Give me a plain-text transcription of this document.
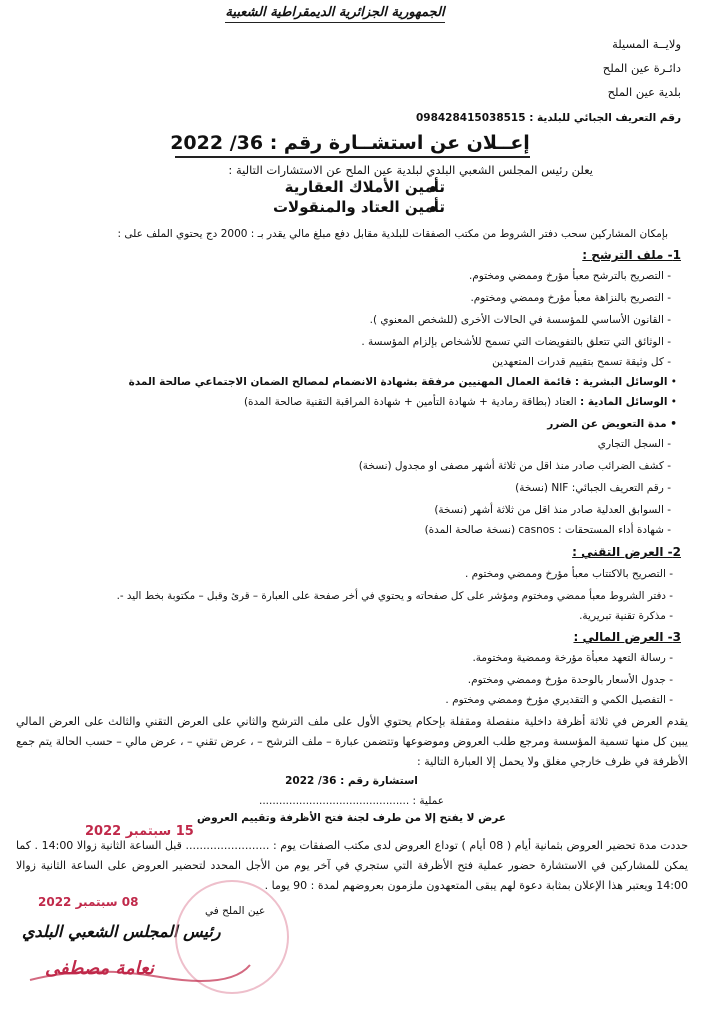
الجمهورية الجزائرية الديمقراطية الشعبية
ولايــة المسيلة
دائـرة عين الملح
بلدية عين الملح
رقم التعريف الجبائي للبلدية : 098428415038515
إعــلان عن استشــارة رقم : 36/ 2022
يعلن رئيس المجلس الشعبي البلدي لبلدية عين الملح عن الاستشارات التالية :
تأمين الأملاك العقارية
تأمين العتاد والمنقولات
بإمكان المشاركين سحب دفتر الشروط من مكتب الصفقات للبلدية مقابل دفع مبلغ مالي يقدر بـ : 2000 دج يحتوي الملف على :
1- ملف الترشح :
- التصريح بالترشح معبأ مؤرخ وممضي ومختوم.
- التصريح بالنزاهة معبأ مؤرخ وممضي ومختوم.
- القانون الأساسي للمؤسسة في الحالات الأخرى (للشخص المعنوي ).
- الوثائق التي تتعلق بالتفويضات التي تسمح للأشخاص بإلزام المؤسسة .
- كل وثيقة تسمح بتقييم قدرات المتعهدين
• الوسائل البشرية : قائمة العمال المهنيين مرفقة بشهادة الانضمام لمصالح الضمان الاجتماعي صالحة المدة
• الوسائل المادية : العتاد (بطاقة رمادية + شهادة التأمين + شهادة المراقبة التقنية صالحة المدة)
• مدة التعويض عن الضرر
- السجل التجاري
- كشف الضرائب صادر منذ اقل من ثلاثة أشهر مصفى او مجدول (نسخة)
- رقم التعريف الجبائي: NIF (نسخة)
- السوابق العدلية صادر منذ اقل من ثلاثة أشهر (نسخة)
- شهادة أداء المستحقات : casnos (نسخة صالحة المدة)
2- العرض التقني :
- التصريح بالاكتتاب معبأ مؤرخ وممضي ومختوم .
- دفتر الشروط معبأ ممضي ومختوم ومؤشر على كل صفحاته و يحتوي في أخر صفحة على العبارة – قرئ وقبل – مكتوبة بخط اليد -.
- مذكرة تقنية تبريرية.
3- العرض المالي :
- رسالة التعهد معبأة مؤرخة وممضية ومختومة.
- جدول الأسعار بالوحدة مؤرخ وممضي ومختوم.
- التفصيل الكمي و التقديري مؤرخ وممضي ومختوم .
يقدم العرض في ثلاثة أظرفة داخلية منفصلة ومقفلة بإحكام يحتوي الأول على ملف الترشح والثاني على العرض التقني والثالث على العرض المالي يبين كل منها تسمية المؤسسة ومرجع طلب العروض وموضوعها وتتضمن عبارة – ملف الترشح – ، عرض تقني – ، عرض مالي – حسب الحالة يتم جمع الأظرفة في ظرف خارجي مغلق ولا يحمل إلا العبارة التالية :
استشارة رقم : 36/ 2022
عملية : .............................................
عرض لا يفتح إلا من طرف لجنة فتح الأظرفة وتقييم العروض
15 سبتمبر 2022
حددت مدة تحضير العروض بثمانية أيام ( 08 أيام ) توداع العروض لدى مكتب الصفقات يوم : ........................ قبل الساعة الثانية زوالا 14:00 . كما يمكن للمشاركين في الاستشارة حضور عملية فتح الأظرفة التي ستجري في آخر يوم من الأجل المحدد لتحضير العروض على الساعة الثانية زوالا 14:00 ويعتبر هذا الإعلان بمثابة دعوة لهم يبقى المتعهدون ملزمون بعروضهم لمدة : 90 يوما .
08 سبتمبر 2022
عين الملح في
رئيس المجلس الشعبي البلدي
نعامة مصطفى
